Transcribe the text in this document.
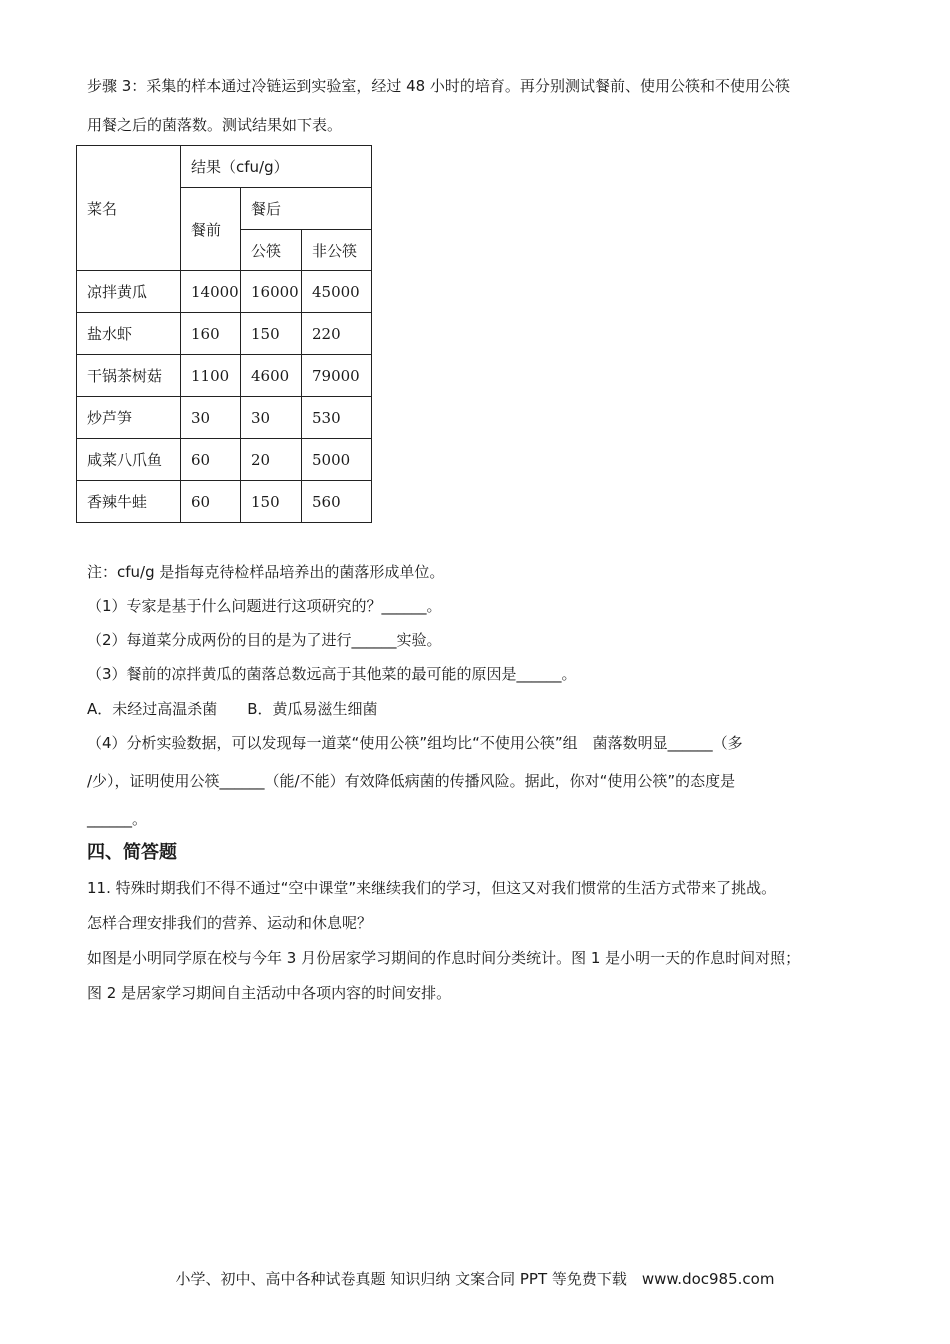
步骤 3：采集的样本通过冷链运到实验室，经过 48 小时的培育。再分别测试餐前、使用公筷和不使用公筷
用餐之后的菌落数。测试结果如下表。
菜名	结果（cfu/g）		
	餐前	餐后	
		公筷	非公筷
凉拌黄瓜	14000	16000	45000
盐水虾	160	150	220
干锅茶树菇	1100	4600	79000
炒芦笋	30	30	530
咸菜八爪鱼	60	20	5000
香辣牛蛙	60	150	560
注：cfu/g 是指每克待检样品培养出的菌落形成单位。
（1）专家是基于什么问题进行这项研究的？______。
（2）每道菜分成两份的目的是为了进行______实验。
（3）餐前的凉拌黄瓜的菌落总数远高于其他菜的最可能的原因是______。
A．未经过高温杀菌　　B．黄瓜易滋生细菌
（4）分析实验数据，可以发现每一道菜“使用公筷”组均比“不使用公筷”组　菌落数明显______（多
/少），证明使用公筷______（能/不能）有效降低病菌的传播风险。据此，你对“使用公筷”的态度是
______。
四、简答题
11. 特殊时期我们不得不通过“空中课堂”来继续我们的学习，但这又对我们惯常的生活方式带来了挑战。
怎样合理安排我们的营养、运动和休息呢？
如图是小明同学原在校与今年 3 月份居家学习期间的作息时间分类统计。图 1 是小明一天的作息时间对照；
图 2 是居家学习期间自主活动中各项内容的时间安排。
小学、初中、高中各种试卷真题 知识归纳 文案合同 PPT 等免费下载　www.doc985.com
